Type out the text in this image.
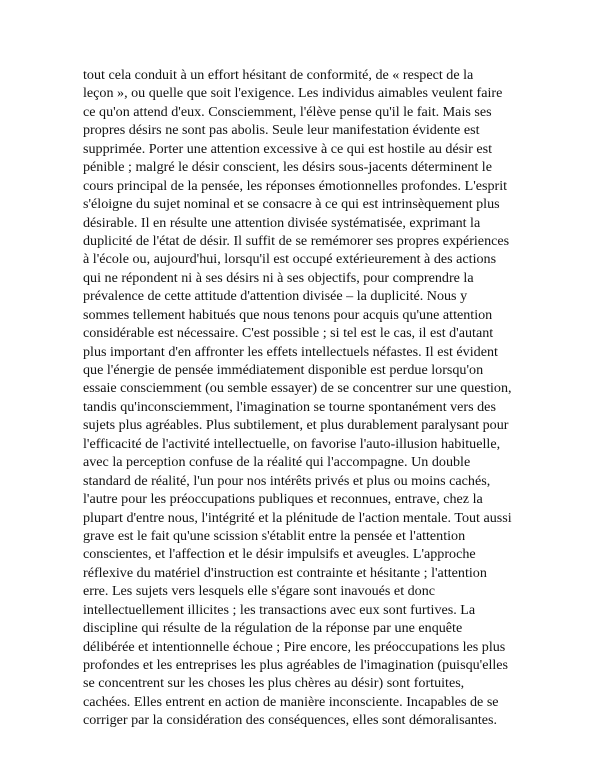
tout cela conduit à un effort hésitant de conformité, de « respect de la
leçon », ou quelle que soit l'exigence. Les individus aimables veulent faire
ce qu'on attend d'eux. Consciemment, l'élève pense qu'il le fait. Mais ses
propres désirs ne sont pas abolis. Seule leur manifestation évidente est
supprimée. Porter une attention excessive à ce qui est hostile au désir est
pénible ; malgré le désir conscient, les désirs sous-jacents déterminent le
cours principal de la pensée, les réponses émotionnelles profondes. L'esprit
s'éloigne du sujet nominal et se consacre à ce qui est intrinsèquement plus
désirable. Il en résulte une attention divisée systématisée, exprimant la
duplicité de l'état de désir. Il suffit de se remémorer ses propres expériences
à l'école ou, aujourd'hui, lorsqu'il est occupé extérieurement à des actions
qui ne répondent ni à ses désirs ni à ses objectifs, pour comprendre la
prévalence de cette attitude d'attention divisée – la duplicité. Nous y
sommes tellement habitués que nous tenons pour acquis qu'une attention
considérable est nécessaire. C'est possible ; si tel est le cas, il est d'autant
plus important d'en affronter les effets intellectuels néfastes. Il est évident
que l'énergie de pensée immédiatement disponible est perdue lorsqu'on
essaie consciemment (ou semble essayer) de se concentrer sur une question,
tandis qu'inconsciemment, l'imagination se tourne spontanément vers des
sujets plus agréables. Plus subtilement, et plus durablement paralysant pour
l'efficacité de l'activité intellectuelle, on favorise l'auto-illusion habituelle,
avec la perception confuse de la réalité qui l'accompagne. Un double
standard de réalité, l'un pour nos intérêts privés et plus ou moins cachés,
l'autre pour les préoccupations publiques et reconnues, entrave, chez la
plupart d'entre nous, l'intégrité et la plénitude de l'action mentale. Tout aussi
grave est le fait qu'une scission s'établit entre la pensée et l'attention
conscientes, et l'affection et le désir impulsifs et aveugles. L'approche
réflexive du matériel d'instruction est contrainte et hésitante ; l'attention
erre. Les sujets vers lesquels elle s'égare sont inavoués et donc
intellectuellement illicites ; les transactions avec eux sont furtives. La
discipline qui résulte de la régulation de la réponse par une enquête
délibérée et intentionnelle échoue ; Pire encore, les préoccupations les plus
profondes et les entreprises les plus agréables de l'imagination (puisqu'elles
se concentrent sur les choses les plus chères au désir) sont fortuites,
cachées. Elles entrent en action de manière inconsciente. Incapables de se
corriger par la considération des conséquences, elles sont démoralisantes.
